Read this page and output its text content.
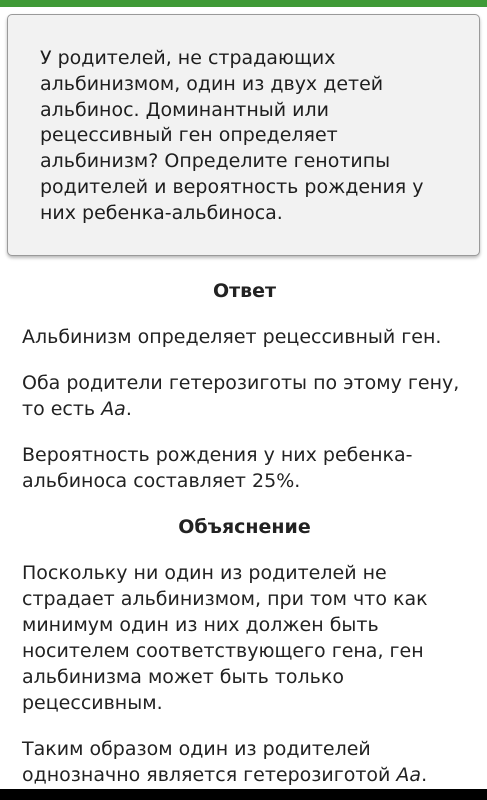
У родителей, не страдающих альбинизмом, один из двух детей альбинос. Доминантный или рецессивный ген определяет альбинизм? Определите генотипы родителей и вероятность рождения у них ребенка-альбиноса.

Ответ

Альбинизм определяет рецессивный ген.

Оба родители гетерозиготы по этому гену, то есть Аа.

Вероятность рождения у них ребенка-альбиноса составляет 25%.

Объяснение

Поскольку ни один из родителей не страдает альбинизмом, при том что как минимум один из них должен быть носителем соответствующего гена, ген альбинизма может быть только рецессивным.

Таким образом один из родителей однозначно является гетерозиготой Аа.
